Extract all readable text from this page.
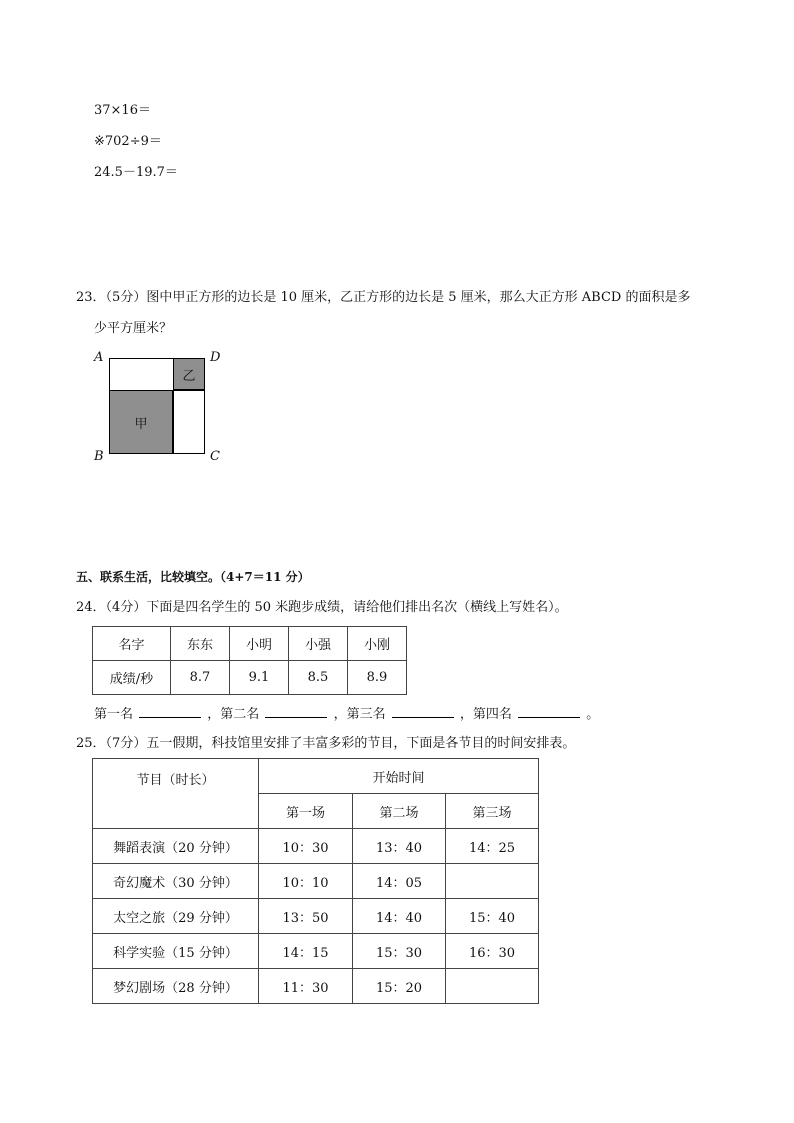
37×16＝
※702÷9＝
24.5－19.7＝
23．（5分）图中甲正方形的边长是 10 厘米，乙正方形的边长是 5 厘米，那么大正方形 ABCD 的面积是多
少平方厘米？
甲
乙
A	D
B	C
五、联系生活，比较填空。（4+7＝11 分）
24．（4分）下面是四名学生的 50 米跑步成绩，请给他们排出名次（横线上写姓名）。
名字	东东	小明	小强	小刚
成绩/秒	8.7	9.1	8.5	8.9
第一名	，第二名	，第三名	，第四名	。
25．（7分）五一假期，科技馆里安排了丰富多彩的节目，下面是各节目的时间安排表。
节目（时长）	开始时间		
	第一场	第二场	第三场
舞蹈表演（20 分钟）	10：30	13：40	14：25
奇幻魔术（30 分钟）	10：10	14：05	
太空之旅（29 分钟）	13：50	14：40	15：40
科学实验（15 分钟）	14：15	15：30	16：30
梦幻剧场（28 分钟）	11：30	15：20	
